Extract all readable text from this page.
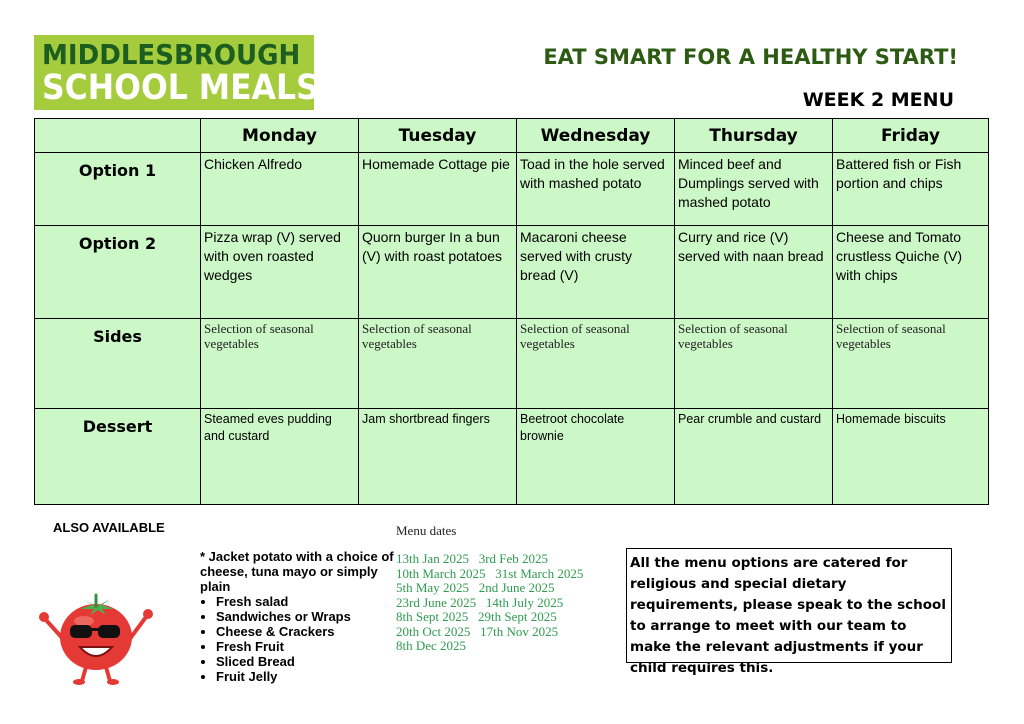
MIDDLESBROUGH
SCHOOL MEALS
EAT SMART FOR A HEALTHY START!
WEEK 2 MENU
	Monday	Tuesday	Wednesday	Thursday	Friday
Option 1	Chicken Alfredo	Homemade Cottage pie	Toad in the hole served with mashed potato	Minced beef and Dumplings served with mashed potato	Battered fish or Fish portion and chips
Option 2	Pizza wrap (V) served with oven roasted wedges	Quorn burger In a bun (V) with roast potatoes	Macaroni cheese served with crusty bread (V)	Curry and rice (V) served with naan bread	Cheese and Tomato crustless Quiche (V) with chips
Sides	Selection of seasonal vegetables	Selection of seasonal vegetables	Selection of seasonal vegetables	Selection of seasonal vegetables	Selection of seasonal vegetables
Dessert	Steamed eves pudding and custard	Jam shortbread fingers	Beetroot chocolate brownie	Pear crumble and custard	Homemade biscuits
ALSO AVAILABLE
* Jacket potato with a choice of cheese, tuna mayo or simply plain
• Fresh salad
• Sandwiches or Wraps
• Cheese & Crackers
• Fresh Fruit
• Sliced Bread
• Fruit Jelly
Menu dates
13th Jan 2025   3rd Feb 2025
10th March 2025   31st March 2025
5th May 2025   2nd June 2025
23rd June 2025   14th July 2025
8th Sept 2025   29th Sept 2025
20th Oct 2025   17th Nov 2025
8th Dec 2025
All the menu options are catered for religious and special dietary requirements, please speak to the school to arrange to meet with our team to make the relevant adjustments if your child requires this.
